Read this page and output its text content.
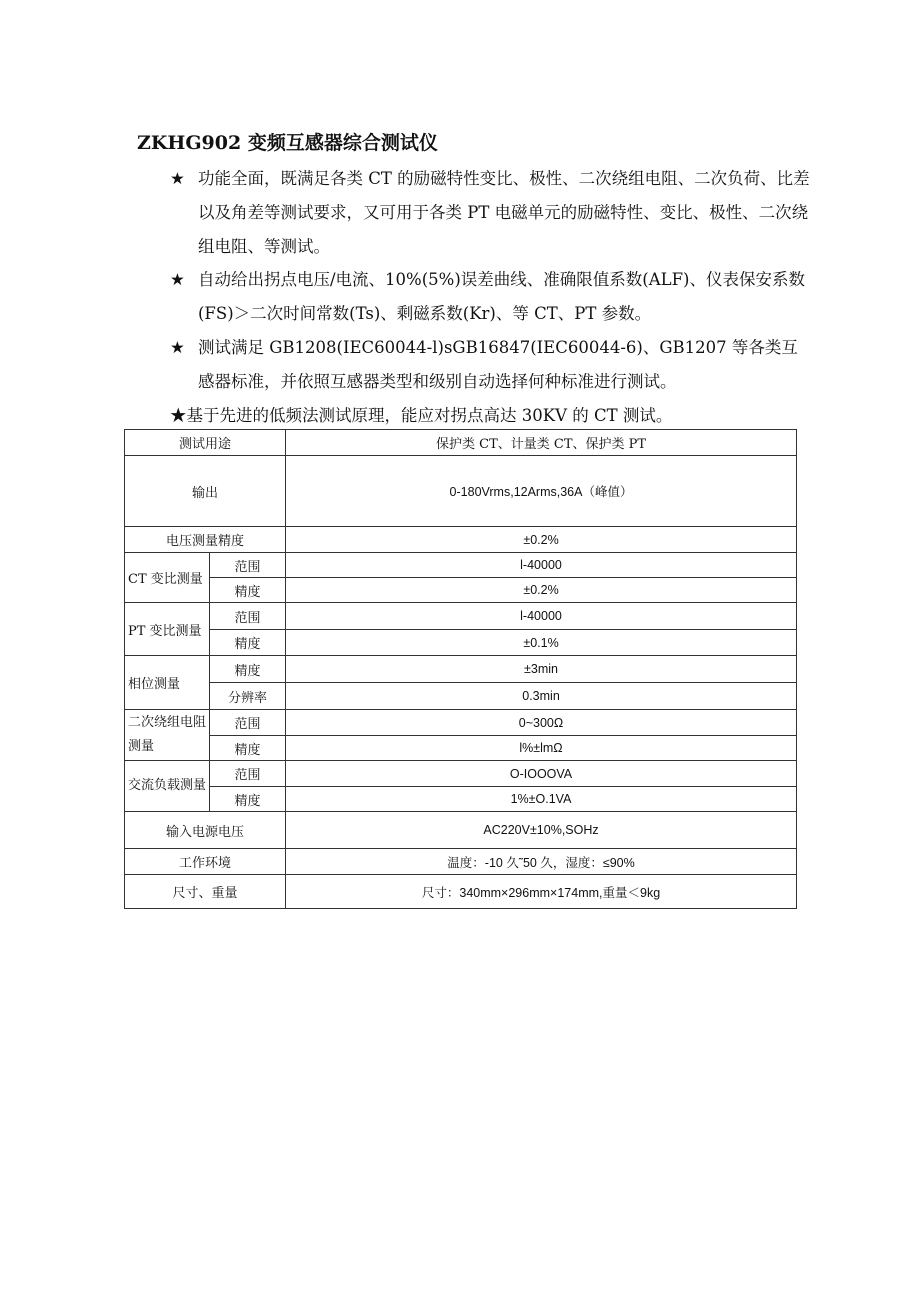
ZKHG902 变频互感器综合测试仪
★ 功能全面，既满足各类 CT 的励磁特性变比、极性、二次绕组电阻、二次负荷、比差以及角差等测试要求，又可用于各类 PT 电磁单元的励磁特性、变比、极性、二次绕组电阻、等测试。
★ 自动给出拐点电压/电流、10%(5%)误差曲线、准确限值系数(ALF)、仪表保安系数(FS)＞二次时间常数(Ts)、剩磁系数(Kr)、等 CT、PT 参数。
★ 测试满足 GB1208(IEC60044-l)sGB16847(IEC60044-6)、GB1207 等各类互感器标准，并依照互感器类型和级别自动选择何种标准进行测试。
★基于先进的低频法测试原理，能应对拐点高达 30KV 的 CT 测试。
测试用途		保护类 CT、计量类 CT、保护类 PT
输出		0-180Vrms,12Arms,36A（峰值）
电压测量精度		±0.2%
CT 变比测量	范围	l-40000
	精度	±0.2%
PT 变比测量	范围	l-40000
	精度	±0.1%
相位测量	精度	±3min
	分辨率	0.3min
二次绕组电阻测量	范围	0~300Ω
	精度	l%±lmΩ
交流负载测量	范围	O-IOOOVA
	精度	1%±O.1VA
输入电源电压		AC220V±10%,SOHz
工作环境		温度：-10 久˜50 久，湿度：≤90%
尺寸、重量		尺寸：340mm×296mm×174mm,重量＜9kg
